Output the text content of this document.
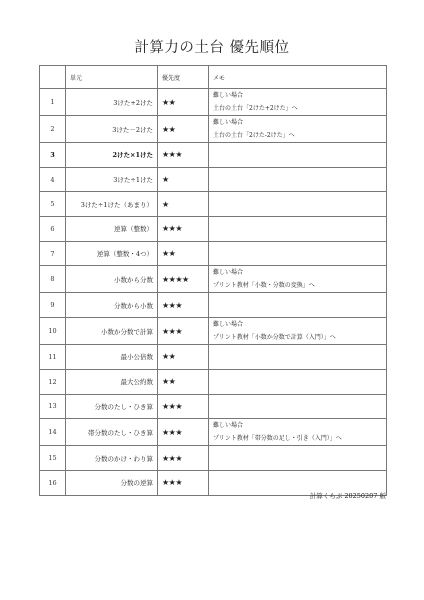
計算力の土台 優先順位
	単元	優先度	メモ
1	3けた+2けた	★★	難しい場合
土台の土台「2けた+2けた」へ

2	3けた－2けた	★★	難しい場合
土台の土台「2けた-2けた」へ

3	2けた×1けた	★★★	
4	3けた÷1けた	★	
5	3けた÷1けた（あまり）	★	
6	逆算（整数）	★★★	
7	逆算（整数・4つ）	★★	
8	小数から分数	★★★★	難しい場合
プリント教材「小数・分数の変換」へ

9	分数から小数	★★★	
10	小数か分数で計算	★★★	難しい場合
プリント教材「小数か分数で計算（入門）」へ

11	最小公倍数	★★	
12	最大公約数	★★	
13	分数のたし・ひき算	★★★	
14	帯分数のたし・ひき算	★★★	難しい場合
プリント教材「帯分数の足し・引き（入門）」へ

15	分数のかけ・わり算	★★★	
16	分数の逆算	★★★	
計算くらぶ 20250207 版
